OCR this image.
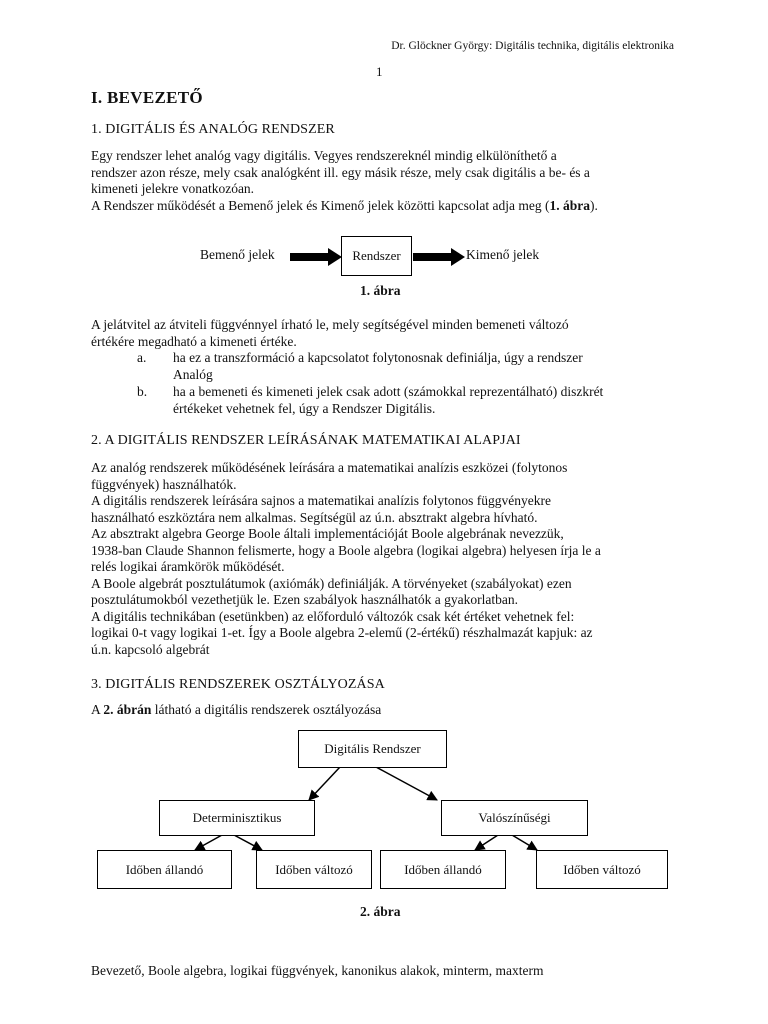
Dr. Glöckner György: Digitális technika, digitális elektronika
1
I. BEVEZETŐ
1. DIGITÁLIS ÉS ANALÓG RENDSZER
Egy rendszer lehet analóg vagy digitális. Vegyes rendszereknél mindig elkülöníthető a
rendszer azon része, mely csak analógként ill. egy másik része, mely csak digitális a be- és a
kimeneti jelekre vonatkozóan.
A Rendszer működését a Bemenő jelek és Kimenő jelek közötti kapcsolat adja meg (1. ábra).
Bemenő jelek	Rendszer	Kimenő jelek
1. ábra
A jelátvitel az átviteli függvénnyel írható le, mely segítségével minden bemeneti változó
értékére megadható a kimeneti értéke.
a. ha ez a transzformáció a kapcsolatot folytonosnak definiálja, úgy a rendszer
Analóg
b. ha a bemeneti és kimeneti jelek csak adott (számokkal reprezentálható) diszkrét
értékeket vehetnek fel, úgy a Rendszer Digitális.
2. A DIGITÁLIS RENDSZER LEÍRÁSÁNAK MATEMATIKAI ALAPJAI
Az analóg rendszerek működésének leírására a matematikai analízis eszközei (folytonos
függvények) használhatók.
A digitális rendszerek leírására sajnos a matematikai analízis folytonos függvényekre
használható eszköztára nem alkalmas. Segítségül az ú.n. absztrakt algebra hívható.
Az absztrakt algebra George Boole általi implementációját Boole algebrának nevezzük,
1938-ban Claude Shannon felismerte, hogy a Boole algebra (logikai algebra) helyesen írja le a
relés logikai áramkörök működését.
A Boole algebrát posztulátumok (axiómák) definiálják. A törvényeket (szabályokat) ezen
posztulátumokból vezethetjük le. Ezen szabályok használhatók a gyakorlatban.
A digitális technikában (esetünkben) az előforduló változók csak két értéket vehetnek fel:
logikai 0-t vagy logikai 1-et. Így a Boole algebra 2-elemű (2-értékű) részhalmazát kapjuk: az
ú.n. kapcsoló algebrát
3. DIGITÁLIS RENDSZEREK OSZTÁLYOZÁSA
A 2. ábrán látható a digitális rendszerek osztályozása
Digitális Rendszer
Determinisztikus	Valószínűségi
Időben állandó	Időben változó	Időben állandó	Időben változó
2. ábra
Bevezető, Boole algebra, logikai függvények, kanonikus alakok, minterm, maxterm
